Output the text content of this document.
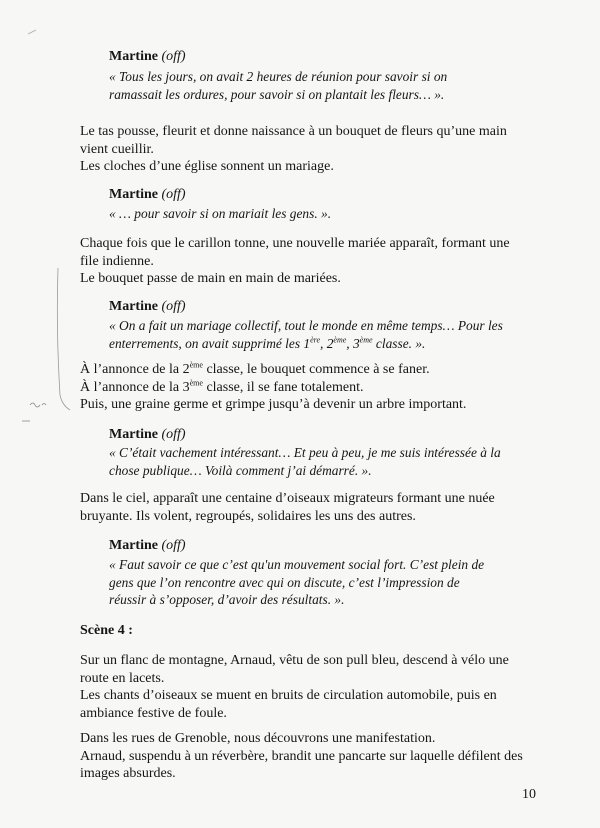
Martine (off)
« Tous les jours, on avait 2 heures de réunion pour savoir si on
ramassait les ordures, pour savoir si on plantait les fleurs… ».
Le tas pousse, fleurit et donne naissance à un bouquet de fleurs qu’une main
vient cueillir.
Les cloches d’une église sonnent un mariage.
Martine (off)
« … pour savoir si on mariait les gens. ».
Chaque fois que le carillon tonne, une nouvelle mariée apparaît, formant une
file indienne.
Le bouquet passe de main en main de mariées.
Martine (off)
« On a fait un mariage collectif, tout le monde en même temps… Pour les
enterrements, on avait supprimé les 1ère, 2ème, 3ème classe. ».
À l’annonce de la 2ème classe, le bouquet commence à se faner.
À l’annonce de la 3ème classe, il se fane totalement.
Puis, une graine germe et grimpe jusqu’à devenir un arbre important.
Martine (off)
« C’était vachement intéressant… Et peu à peu, je me suis intéressée à la
chose publique… Voilà comment j’ai démarré. ».
Dans le ciel, apparaît une centaine d’oiseaux migrateurs formant une nuée
bruyante. Ils volent, regroupés, solidaires les uns des autres.
Martine (off)
« Faut savoir ce que c’est qu'un mouvement social fort. C’est plein de
gens que l’on rencontre avec qui on discute, c’est l’impression de
réussir à s’opposer, d’avoir des résultats. ».
Scène 4 :
Sur un flanc de montagne, Arnaud, vêtu de son pull bleu, descend à vélo une
route en lacets.
Les chants d’oiseaux se muent en bruits de circulation automobile, puis en
ambiance festive de foule.
Dans les rues de Grenoble, nous découvrons une manifestation.
Arnaud, suspendu à un réverbère, brandit une pancarte sur laquelle défilent des
images absurdes.
10
